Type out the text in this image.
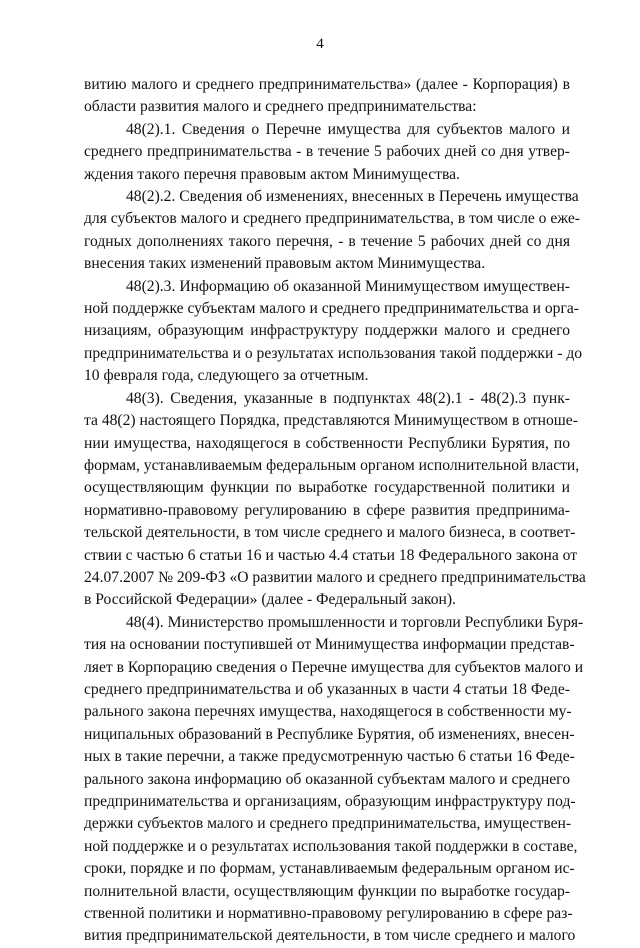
4

витию малого и среднего предпринимательства» (далее - Корпорация) в
области развития малого и среднего предпринимательства:

48(2).1. Сведения о Перечне имущества для субъектов малого и
среднего предпринимательства - в течение 5 рабочих дней со дня утвер-
ждения такого перечня правовым актом Минимущества.

48(2).2. Сведения об изменениях, внесенных в Перечень имущества
для субъектов малого и среднего предпринимательства, в том числе о еже-
годных дополнениях такого перечня, - в течение 5 рабочих дней со дня
внесения таких изменений правовым актом Минимущества.

48(2).3. Информацию об оказанной Минимуществом имуществен-
ной поддержке субъектам малого и среднего предпринимательства и орга-
низациям, образующим инфраструктуру поддержки малого и среднего
предпринимательства и о результатах использования такой поддержки - до
10 февраля года, следующего за отчетным.

48(3). Сведения, указанные в подпунктах 48(2).1 - 48(2).3 пунк-
та 48(2) настоящего Порядка, представляются Минимуществом в отноше-
нии имущества, находящегося в собственности Республики Бурятия, по
формам, устанавливаемым федеральным органом исполнительной власти,
осуществляющим функции по выработке государственной политики и
нормативно-правовому регулированию в сфере развития предпринима-
тельской деятельности, в том числе среднего и малого бизнеса, в соответ-
ствии с частью 6 статьи 16 и частью 4.4 статьи 18 Федерального закона от
24.07.2007 № 209-ФЗ «О развитии малого и среднего предпринимательства
в Российской Федерации» (далее - Федеральный закон).

48(4). Министерство промышленности и торговли Республики Буря-
тия на основании поступившей от Минимущества информации представ-
ляет в Корпорацию сведения о Перечне имущества для субъектов малого и
среднего предпринимательства и об указанных в части 4 статьи 18 Феде-
рального закона перечнях имущества, находящегося в собственности му-
ниципальных образований в Республике Бурятия, об изменениях, внесен-
ных в такие перечни, а также предусмотренную частью 6 статьи 16 Феде-
рального закона информацию об оказанной субъектам малого и среднего
предпринимательства и организациям, образующим инфраструктуру под-
держки субъектов малого и среднего предпринимательства, имуществен-
ной поддержке и о результатах использования такой поддержки в составе,
сроки, порядке и по формам, устанавливаемым федеральным органом ис-
полнительной власти, осуществляющим функции по выработке государ-
ственной политики и нормативно-правовому регулированию в сфере раз-
вития предпринимательской деятельности, в том числе среднего и малого
